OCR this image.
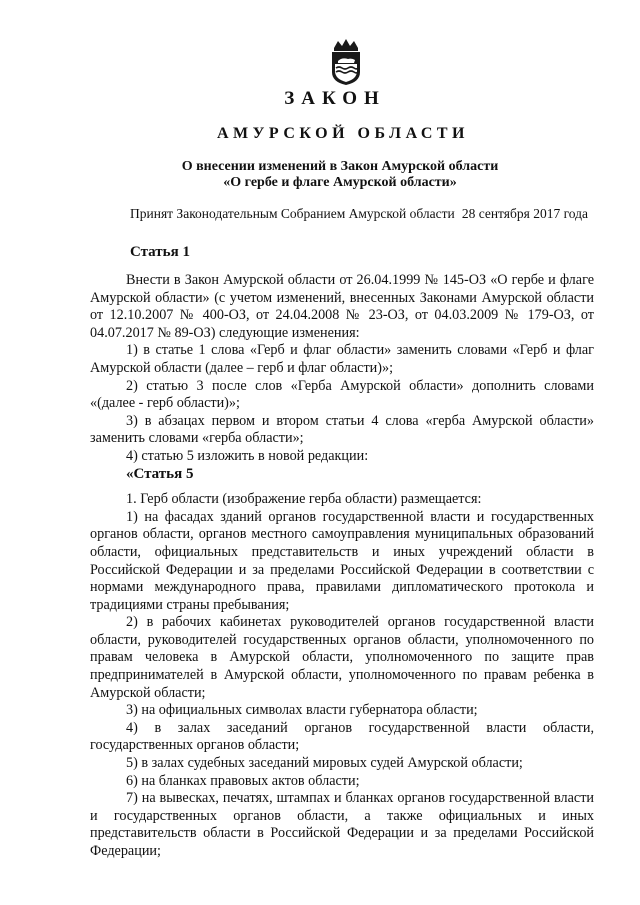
ЗАКОН
АМУРСКОЙ ОБЛАСТИ
О внесении изменений в Закон Амурской области
«О гербе и флаге Амурской области»
Принят Законодательным Собранием Амурской области 28 сентября 2017 года
Статья 1

Внести в Закон Амурской области от 26.04.1999 № 145-ОЗ «О гербе и флаге Амурской области» (с учетом изменений, внесенных Законами Амурской области от 12.10.2007 № 400-ОЗ, от 24.04.2008 № 23-ОЗ, от 04.03.2009 № 179-ОЗ, от 04.07.2017 № 89-ОЗ) следующие изменения:

1) в статье 1 слова «Герб и флаг области» заменить словами «Герб и флаг Амурской области (далее – герб и флаг области)»;

2) статью 3 после слов «Герба Амурской области» дополнить словами «(далее - герб области)»;

3) в абзацах первом и втором статьи 4 слова «герба Амурской области» заменить словами «герба области»;

4) статью 5 изложить в новой редакции:

«Статья 5

1. Герб области (изображение герба области) размещается:

1) на фасадах зданий органов государственной власти и государственных органов области, органов местного самоуправления муниципальных образований области, официальных представительств и иных учреждений области в Российской Федерации и за пределами Российской Федерации в соответствии с нормами международного права, правилами дипломатического протокола и традициями страны пребывания;

2) в рабочих кабинетах руководителей органов государственной власти области, руководителей государственных органов области, уполномоченного по правам человека в Амурской области, уполномоченного по защите прав предпринимателей в Амурской области, уполномоченного по правам ребенка в Амурской области;

3) на официальных символах власти губернатора области;

4) в залах заседаний органов государственной власти области, государственных органов области;

5) в залах судебных заседаний мировых судей Амурской области;

6) на бланках правовых актов области;

7) на вывесках, печатях, штампах и бланках органов государственной власти и государственных органов области, а также официальных и иных представительств области в Российской Федерации и за пределами Российской Федерации;
